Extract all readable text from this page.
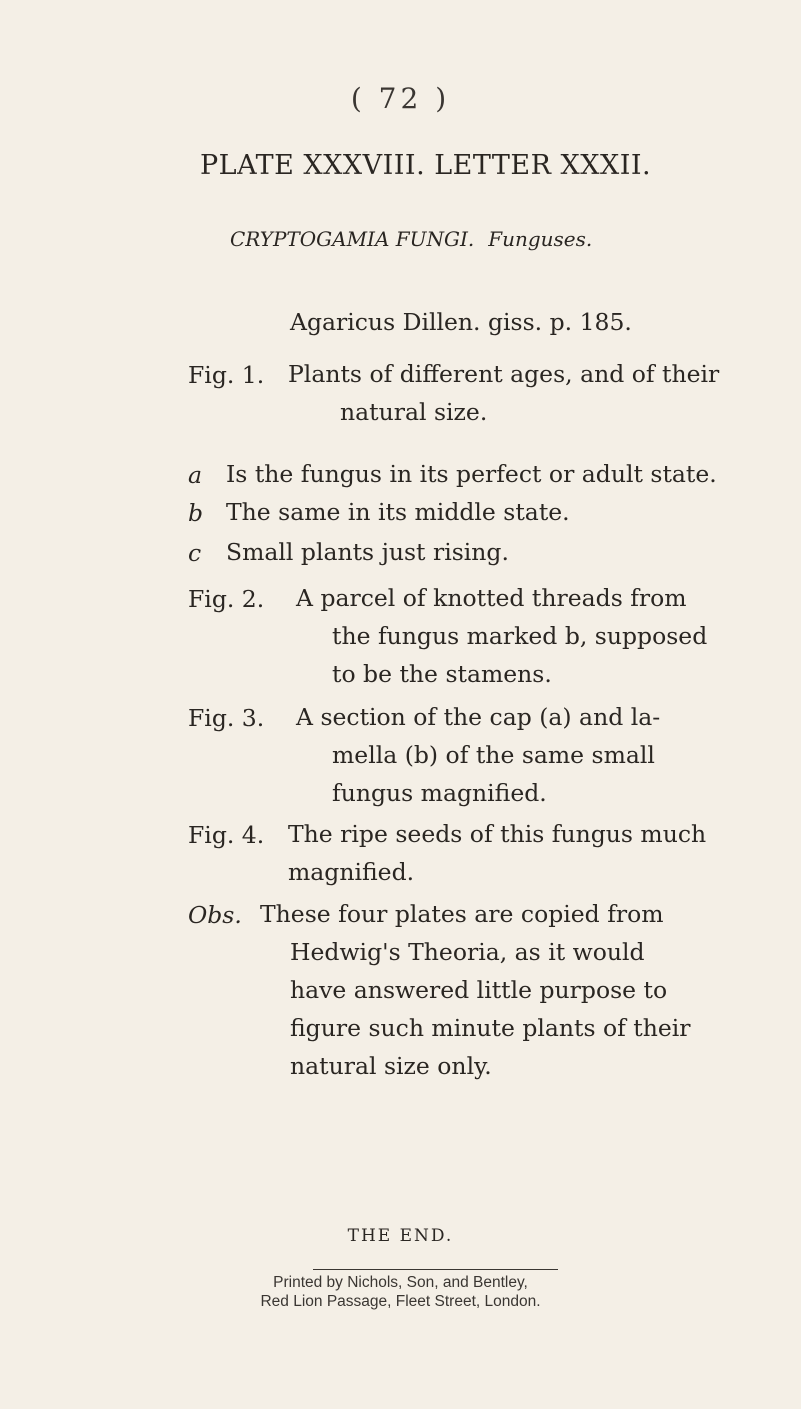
( 72 )
PLATE XXXVIII. LETTER XXXII.
CRYPTOGAMIA FUNGI. Funguses.
Agaricus Dillen. giss. p. 185.
Fig. 1. Plants of different ages, and of their
natural size.
a Is the fungus in its perfect or adult state.
b The same in its middle state.
c Small plants just rising.
Fig. 2. A parcel of knotted threads from
the fungus marked b, supposed
to be the stamens.
Fig. 3. A section of the cap (a) and la-
mella (b) of the same small
fungus magnified.
Fig. 4. The ripe seeds of this fungus much
magnified.
Obs. These four plates are copied from
Hedwig's Theoria, as it would
have answered little purpose to
figure such minute plants of their
natural size only.
THE END.
Printed by Nichols, Son, and Bentley,
Red Lion Passage, Fleet Street, London.
